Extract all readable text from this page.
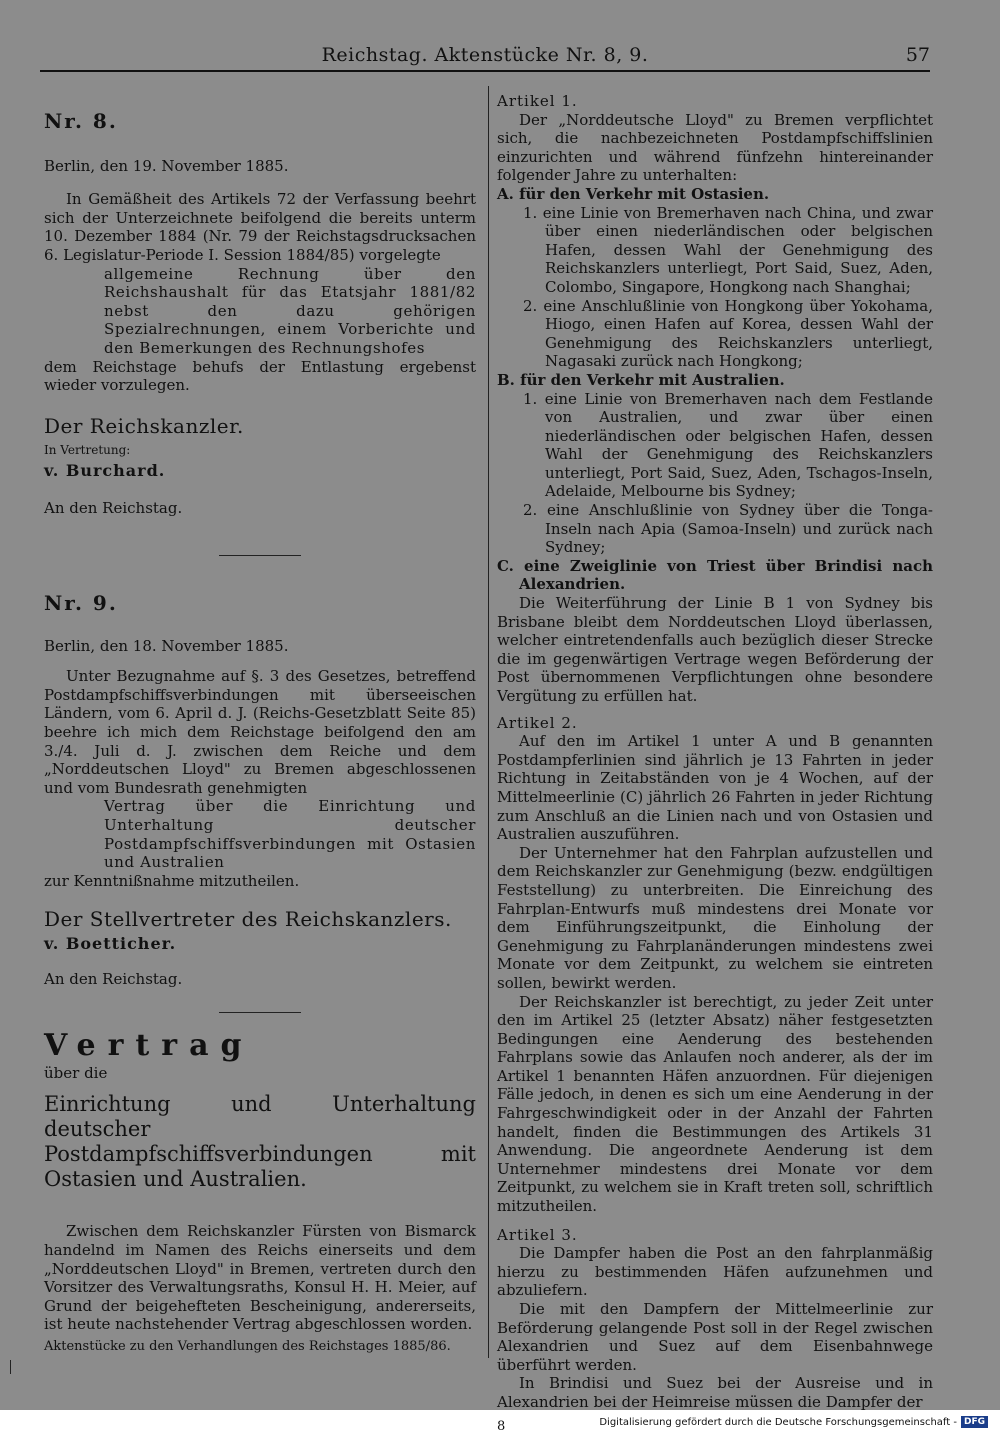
Reichstag. Aktenstücke Nr. 8, 9.	57

Nr. 8.

Berlin, den 19. November 1885.

In Gemäßheit des Artikels 72 der Verfassung beehrt sich der Unterzeichnete beifolgend die bereits unterm 10. Dezember 1884 (Nr. 79 der Reichstagsdrucksachen 6. Legislatur-Periode I. Session 1884/85) vorgelegte

allgemeine Rechnung über den Reichshaushalt für das Etatsjahr 1881/82 nebst den dazu gehörigen Spezialrechnungen, einem Vorberichte und den Bemerkungen des Rechnungshofes

dem Reichstage behufs der Entlastung ergebenst wieder vorzulegen.

Der Reichskanzler.

In Vertretung:

v. Burchard.

An den Reichstag.

Nr. 9.

Berlin, den 18. November 1885.

Unter Bezugnahme auf §. 3 des Gesetzes, betreffend Postdampfschiffsverbindungen mit überseeischen Ländern, vom 6. April d. J. (Reichs-Gesetzblatt Seite 85) beehre ich mich dem Reichstage beifolgend den am 3./4. Juli d. J. zwischen dem Reiche und dem „Norddeutschen Lloyd" zu Bremen abgeschlossenen und vom Bundesrath genehmigten

Vertrag über die Einrichtung und Unterhaltung deutscher Postdampfschiffsverbindungen mit Ostasien und Australien

zur Kenntnißnahme mitzutheilen.

Der Stellvertreter des Reichskanzlers.

v. Boetticher.

An den Reichstag.

Vertrag

über die

Einrichtung und Unterhaltung deutscher Postdampfschiffsverbindungen mit Ostasien und Australien.

Zwischen dem Reichskanzler Fürsten von Bismarck handelnd im Namen des Reichs einerseits und dem „Norddeutschen Lloyd" in Bremen, vertreten durch den Vorsitzer des Verwaltungsraths, Konsul H. H. Meier, auf Grund der beigehefteten Bescheinigung, andererseits, ist heute nachstehender Vertrag abgeschlossen worden.

Aktenstücke zu den Verhandlungen des Reichstages 1885/86.

Artikel 1.

Der „Norddeutsche Lloyd" zu Bremen verpflichtet sich, die nachbezeichneten Postdampfschiffslinien einzurichten und während fünfzehn hintereinander folgender Jahre zu unterhalten:

A. für den Verkehr mit Ostasien.

1. eine Linie von Bremerhaven nach China, und zwar über einen niederländischen oder belgischen Hafen, dessen Wahl der Genehmigung des Reichskanzlers unterliegt, Port Said, Suez, Aden, Colombo, Singapore, Hongkong nach Shanghai;

2. eine Anschlußlinie von Hongkong über Yokohama, Hiogo, einen Hafen auf Korea, dessen Wahl der Genehmigung des Reichskanzlers unterliegt, Nagasaki zurück nach Hongkong;

B. für den Verkehr mit Australien.

1. eine Linie von Bremerhaven nach dem Festlande von Australien, und zwar über einen niederländischen oder belgischen Hafen, dessen Wahl der Genehmigung des Reichskanzlers unterliegt, Port Said, Suez, Aden, Tschagos-Inseln, Adelaide, Melbourne bis Sydney;

2. eine Anschlußlinie von Sydney über die Tonga-Inseln nach Apia (Samoa-Inseln) und zurück nach Sydney;

C. eine Zweiglinie von Triest über Brindisi nach Alexandrien.

Die Weiterführung der Linie B 1 von Sydney bis Brisbane bleibt dem Norddeutschen Lloyd überlassen, welcher eintretendenfalls auch bezüglich dieser Strecke die im gegenwärtigen Vertrage wegen Beförderung der Post übernommenen Verpflichtungen ohne besondere Vergütung zu erfüllen hat.

Artikel 2.

Auf den im Artikel 1 unter A und B genannten Postdampferlinien sind jährlich je 13 Fahrten in jeder Richtung in Zeitabständen von je 4 Wochen, auf der Mittelmeerlinie (C) jährlich 26 Fahrten in jeder Richtung zum Anschluß an die Linien nach und von Ostasien und Australien auszuführen.

Der Unternehmer hat den Fahrplan aufzustellen und dem Reichskanzler zur Genehmigung (bezw. endgültigen Feststellung) zu unterbreiten. Die Einreichung des Fahrplan-Entwurfs muß mindestens drei Monate vor dem Einführungszeitpunkt, die Einholung der Genehmigung zu Fahrplanänderungen mindestens zwei Monate vor dem Zeitpunkt, zu welchem sie eintreten sollen, bewirkt werden.

Der Reichskanzler ist berechtigt, zu jeder Zeit unter den im Artikel 25 (letzter Absatz) näher festgesetzten Bedingungen eine Aenderung des bestehenden Fahrplans sowie das Anlaufen noch anderer, als der im Artikel 1 benannten Häfen anzuordnen. Für diejenigen Fälle jedoch, in denen es sich um eine Aenderung in der Fahrgeschwindigkeit oder in der Anzahl der Fahrten handelt, finden die Bestimmungen des Artikels 31 Anwendung. Die angeordnete Aenderung ist dem Unternehmer mindestens drei Monate vor dem Zeitpunkt, zu welchem sie in Kraft treten soll, schriftlich mitzutheilen.

Artikel 3.

Die Dampfer haben die Post an den fahrplanmäßig hierzu zu bestimmenden Häfen aufzunehmen und abzuliefern.

Die mit den Dampfern der Mittelmeerlinie zur Beförderung gelangende Post soll in der Regel zwischen Alexandrien und Suez auf dem Eisenbahnwege überführt werden.

In Brindisi und Suez bei der Ausreise und in Alexandrien bei der Heimreise müssen die Dampfer der

8	Digitalisierung gefördert durch die Deutsche Forschungsgemeinschaft - DFG
